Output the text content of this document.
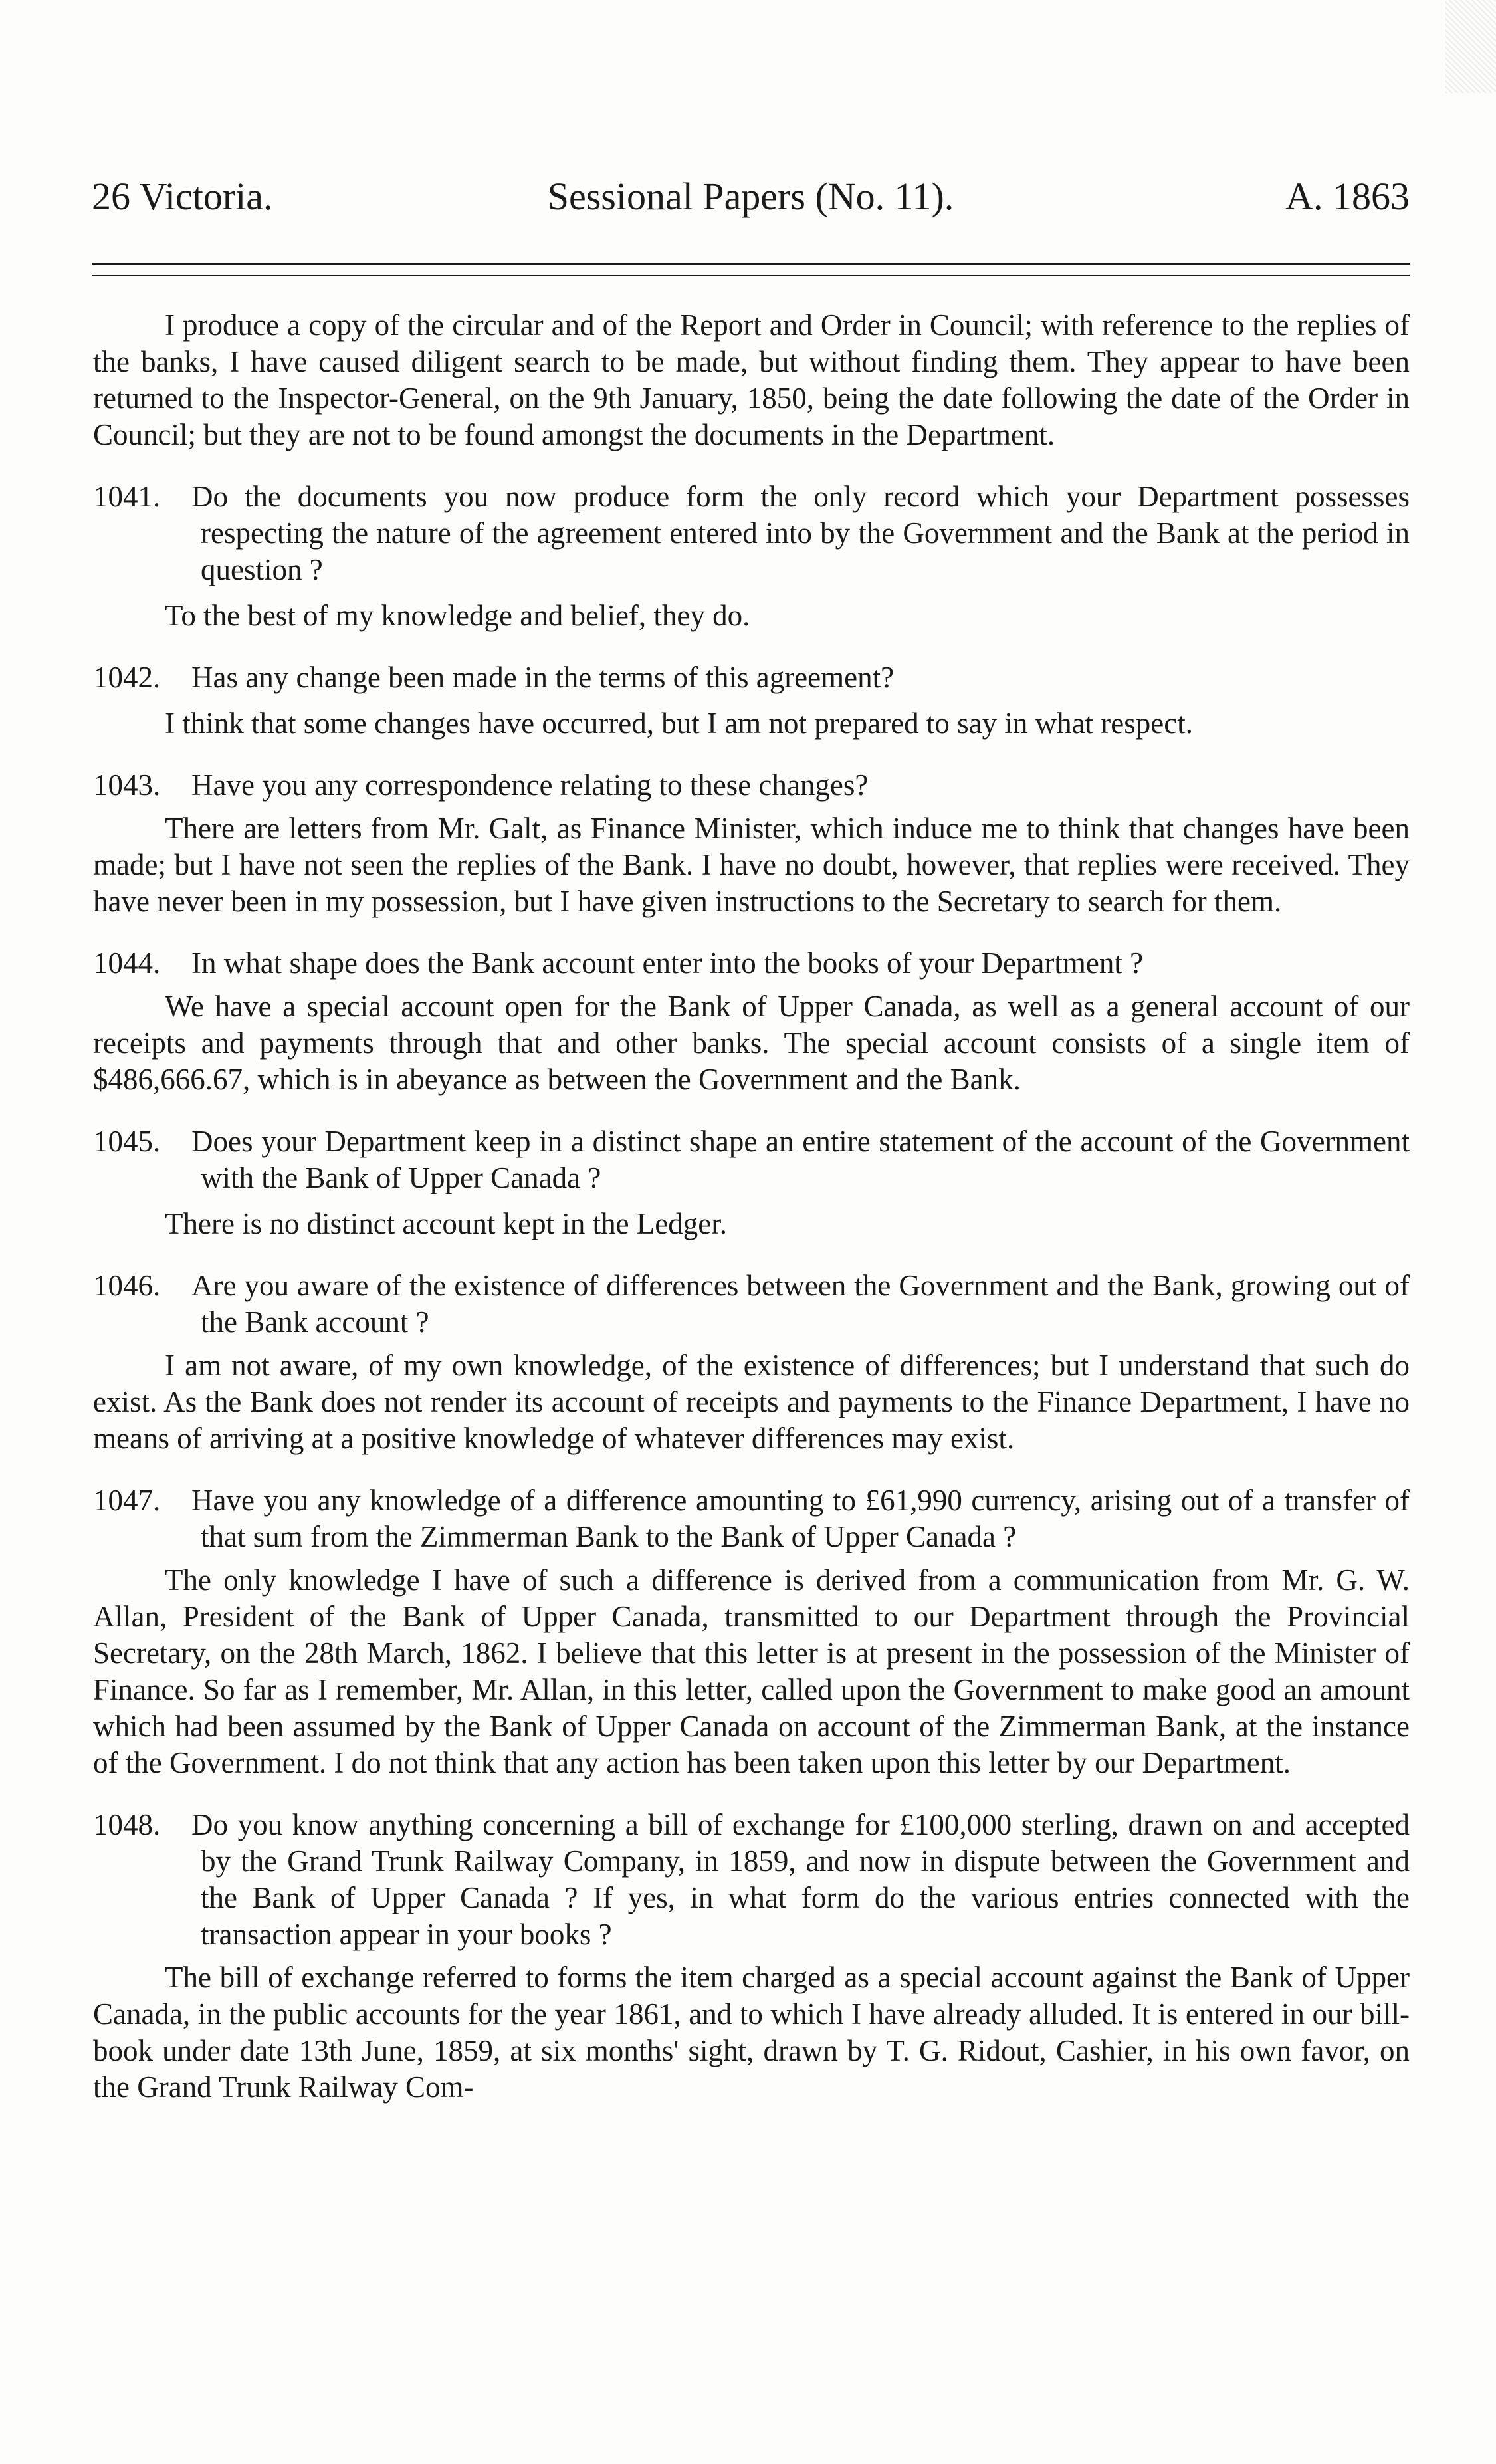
26 Victoria.	Sessional Papers (No. 11).	A. 1863

I produce a copy of the circular and of the Report and Order in Council; with reference to the replies of the banks, I have caused diligent search to be made, but without finding them. They appear to have been returned to the Inspector-General, on the 9th January, 1850, being the date following the date of the Order in Council; but they are not to be found amongst the documents in the Department.

1041. Do the documents you now produce form the only record which your Department possesses respecting the nature of the agreement entered into by the Government and the Bank at the period in question ?

To the best of my knowledge and belief, they do.

1042. Has any change been made in the terms of this agreement?

I think that some changes have occurred, but I am not prepared to say in what respect.

1043. Have you any correspondence relating to these changes?

There are letters from Mr. Galt, as Finance Minister, which induce me to think that changes have been made; but I have not seen the replies of the Bank. I have no doubt, however, that replies were received. They have never been in my possession, but I have given instructions to the Secretary to search for them.

1044. In what shape does the Bank account enter into the books of your Department ?

We have a special account open for the Bank of Upper Canada, as well as a general account of our receipts and payments through that and other banks. The special account consists of a single item of $486,666.67, which is in abeyance as between the Government and the Bank.

1045. Does your Department keep in a distinct shape an entire statement of the account of the Government with the Bank of Upper Canada ?

There is no distinct account kept in the Ledger.

1046. Are you aware of the existence of differences between the Government and the Bank, growing out of the Bank account ?

I am not aware, of my own knowledge, of the existence of differences; but I understand that such do exist. As the Bank does not render its account of receipts and payments to the Finance Department, I have no means of arriving at a positive knowledge of whatever differences may exist.

1047. Have you any knowledge of a difference amounting to £61,990 currency, arising out of a transfer of that sum from the Zimmerman Bank to the Bank of Upper Canada ?

The only knowledge I have of such a difference is derived from a communication from Mr. G. W. Allan, President of the Bank of Upper Canada, transmitted to our Department through the Provincial Secretary, on the 28th March, 1862. I believe that this letter is at present in the possession of the Minister of Finance. So far as I remember, Mr. Allan, in this letter, called upon the Government to make good an amount which had been assumed by the Bank of Upper Canada on account of the Zimmerman Bank, at the instance of the Government. I do not think that any action has been taken upon this letter by our Department.

1048. Do you know anything concerning a bill of exchange for £100,000 sterling, drawn on and accepted by the Grand Trunk Railway Company, in 1859, and now in dispute between the Government and the Bank of Upper Canada ? If yes, in what form do the various entries connected with the transaction appear in your books ?

The bill of exchange referred to forms the item charged as a special account against the Bank of Upper Canada, in the public accounts for the year 1861, and to which I have already alluded. It is entered in our bill-book under date 13th June, 1859, at six months' sight, drawn by T. G. Ridout, Cashier, in his own favor, on the Grand Trunk Railway Com-
